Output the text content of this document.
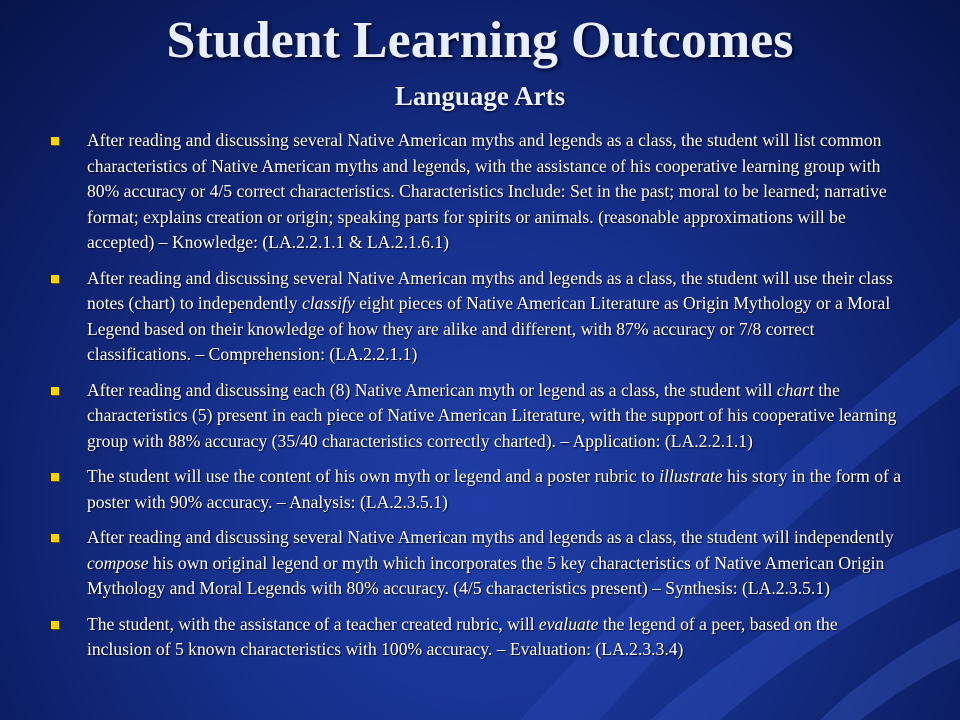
Student Learning Outcomes
Language Arts
After reading and discussing several Native American myths and legends as a class, the student will list common characteristics of Native American myths and legends, with the assistance of his cooperative learning group with 80% accuracy or 4/5 correct characteristics. Characteristics Include: Set in the past; moral to be learned; narrative format; explains creation or origin; speaking parts for spirits or animals. (reasonable approximations will be accepted) – Knowledge: (LA.2.2.1.1 & LA.2.1.6.1)
After reading and discussing several Native American myths and legends as a class, the student will use their class notes (chart) to independently classify eight pieces of Native American Literature as Origin Mythology or a Moral Legend based on their knowledge of how they are alike and different, with 87% accuracy or 7/8 correct classifications. – Comprehension: (LA.2.2.1.1)
After reading and discussing each (8) Native American myth or legend as a class, the student will chart the characteristics (5) present in each piece of Native American Literature, with the support of his cooperative learning group with 88% accuracy (35/40 characteristics correctly charted). – Application: (LA.2.2.1.1)
The student will use the content of his own myth or legend and a poster rubric to illustrate his story in the form of a poster with 90% accuracy. – Analysis: (LA.2.3.5.1)
After reading and discussing several Native American myths and legends as a class, the student will independently compose his own original legend or myth which incorporates the 5 key characteristics of Native American Origin Mythology and Moral Legends with 80% accuracy. (4/5 characteristics present) – Synthesis: (LA.2.3.5.1)
The student, with the assistance of a teacher created rubric, will evaluate the legend of a peer, based on the inclusion of 5 known characteristics with 100% accuracy. – Evaluation: (LA.2.3.3.4)
